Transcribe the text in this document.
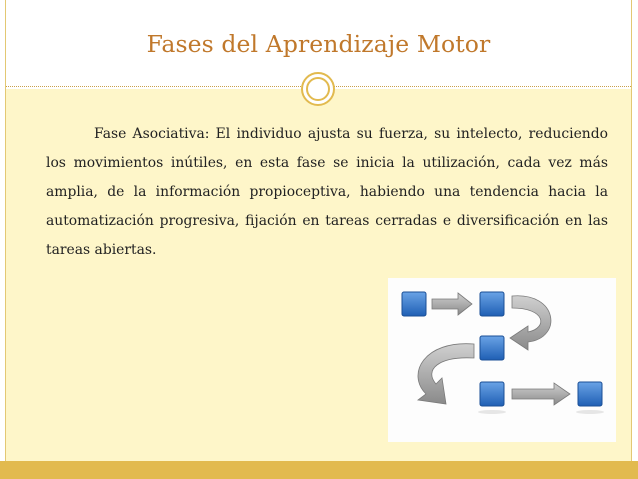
Fases del Aprendizaje Motor

Fase Asociativa: El individuo ajusta su fuerza, su intelecto, reduciendo los movimientos inútiles, en esta fase se inicia la utilización, cada vez más amplia, de la información propioceptiva, habiendo una tendencia hacia la automatización progresiva, fijación en tareas cerradas e diversificación en las tareas abiertas.
